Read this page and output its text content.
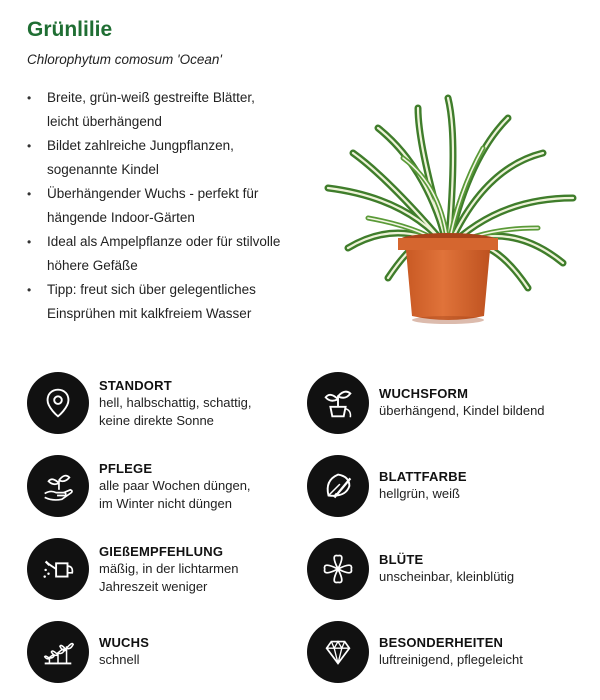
Grünlilie
Chlorophytum comosum 'Ocean'
• Breite, grün-weiß gestreifte Blätter,
leicht überhängend
• Bildet zahlreiche Jungpflanzen,
sogenannte Kindel
• Überhängender Wuchs - perfekt für
hängende Indoor-Gärten
• Ideal als Ampelpflanze oder für stilvolle
höhere Gefäße
• Tipp: freut sich über gelegentliches
Einsprühen mit kalkfreiem Wasser
STANDORT
hell, halbschattig, schattig,
keine direkte Sonne
WUCHSFORM
überhängend, Kindel bildend
PFLEGE
alle paar Wochen düngen,
im Winter nicht düngen
BLATTFARBE
hellgrün, weiß
GIEßEMPFEHLUNG
mäßig, in der lichtarmen
Jahreszeit weniger
BLÜTE
unscheinbar, kleinblütig
WUCHS
schnell
BESONDERHEITEN
luftreinigend, pflegeleicht
